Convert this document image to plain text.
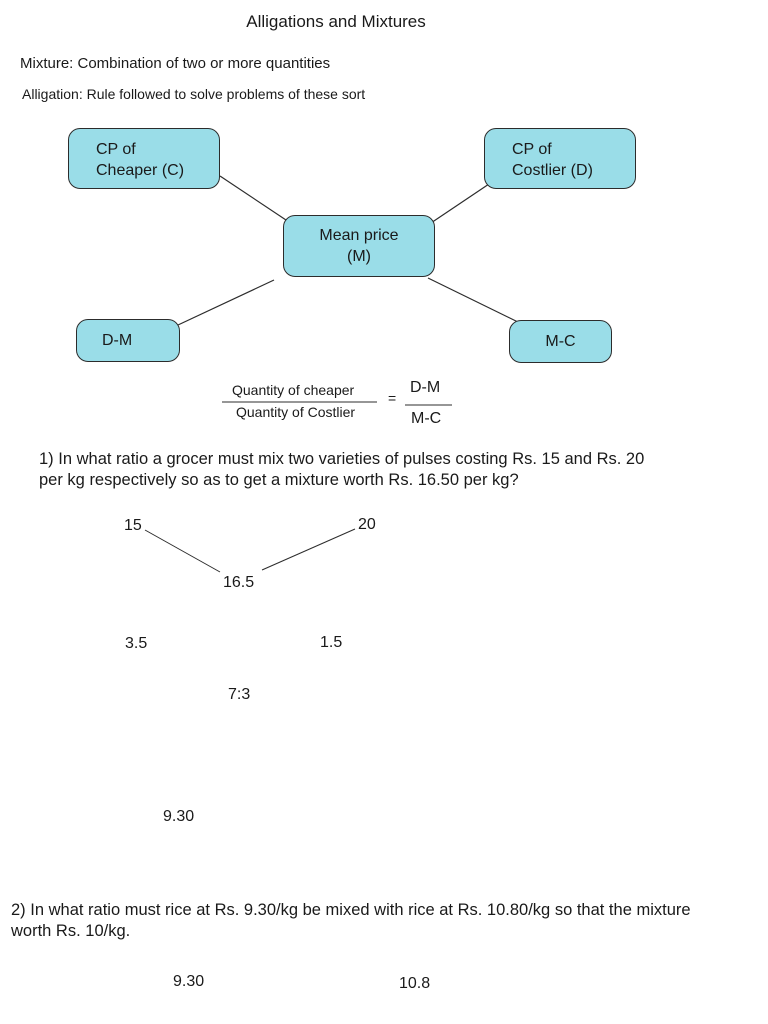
Alligations and Mixtures
Mixture: Combination of two or more quantities
Alligation: Rule followed to solve problems of these sort
CP of
Cheaper (C)
CP of
Costlier (D)
Mean price
(M)
D-M	M-C
Quantity of cheaper
Quantity of Costlier
=
D-M
M-C
1) In what ratio a grocer must mix two varieties of pulses costing Rs. 15 and Rs. 20 per kg respectively so as to get a mixture worth Rs. 16.50 per kg?
15	20
16.5
3.5	1.5
7:3
9.30
2) In what ratio must rice at Rs. 9.30/kg be mixed with rice at Rs. 10.80/kg so that the mixture worth Rs. 10/kg.
9.30	10.8
